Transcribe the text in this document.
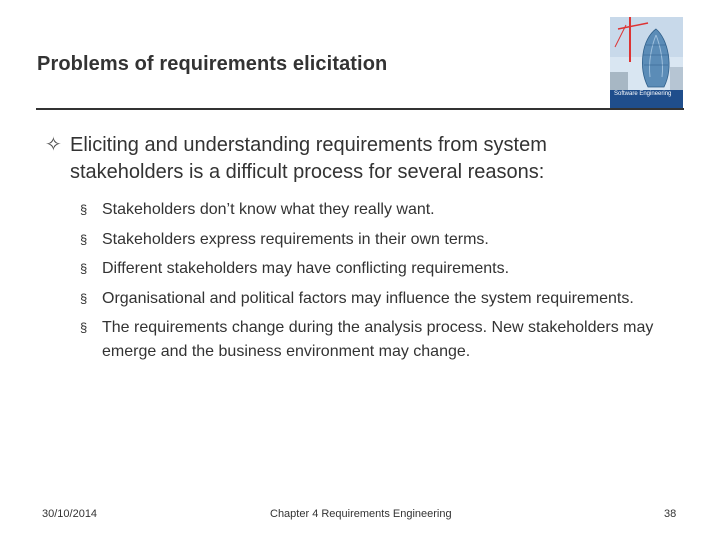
Problems of requirements elicitation
Software Engineering
✧ Eliciting and understanding requirements from system stakeholders is a difficult process for several reasons:
§ Stakeholders don’t know what they really want.
§ Stakeholders express requirements in their own terms.
§ Different stakeholders may have conflicting requirements.
§ Organisational and political factors may influence the system requirements.
§ The requirements change during the analysis process. New stakeholders may emerge and the business environment may change.
30/10/2014	Chapter 4 Requirements Engineering	38
